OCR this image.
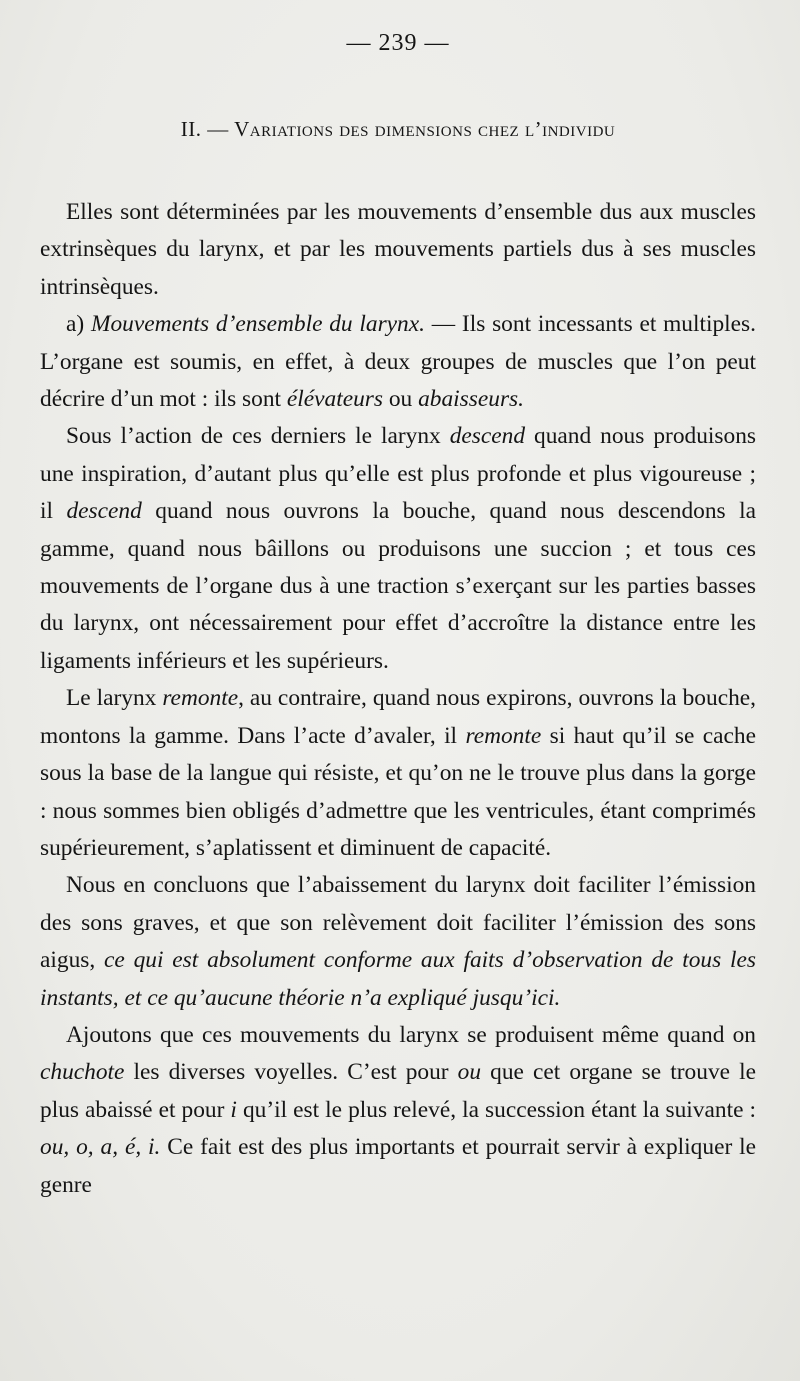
— 239 —
II. — Variations des dimensions chez l’individu

Elles sont déterminées par les mouvements d’ensemble dus aux muscles extrinsèques du larynx, et par les mouvements partiels dus à ses muscles intrinsèques.

a) Mouvements d’ensemble du larynx. — Ils sont incessants et multiples. L’organe est soumis, en effet, à deux groupes de muscles que l’on peut décrire d’un mot : ils sont élévateurs ou abaisseurs.

Sous l’action de ces derniers le larynx descend quand nous produisons une inspiration, d’autant plus qu’elle est plus profonde et plus vigoureuse ; il descend quand nous ouvrons la bouche, quand nous descendons la gamme, quand nous bâillons ou produisons une succion ; et tous ces mouvements de l’organe dus à une traction s’exerçant sur les parties basses du larynx, ont nécessairement pour effet d’accroître la distance entre les ligaments inférieurs et les supérieurs.

Le larynx remonte, au contraire, quand nous expirons, ouvrons la bouche, montons la gamme. Dans l’acte d’avaler, il remonte si haut qu’il se cache sous la base de la langue qui résiste, et qu’on ne le trouve plus dans la gorge : nous sommes bien obligés d’admettre que les ventricules, étant comprimés supérieurement, s’aplatissent et diminuent de capacité.

Nous en concluons que l’abaissement du larynx doit faciliter l’émission des sons graves, et que son relèvement doit faciliter l’émission des sons aigus, ce qui est absolument conforme aux faits d’observation de tous les instants, et ce qu’aucune théorie n’a expliqué jusqu’ici.

Ajoutons que ces mouvements du larynx se produisent même quand on chuchote les diverses voyelles. C’est pour ou que cet organe se trouve le plus abaissé et pour i qu’il est le plus relevé, la succession étant la suivante : ou, o, a, é, i. Ce fait est des plus importants et pourrait servir à expliquer le genre
